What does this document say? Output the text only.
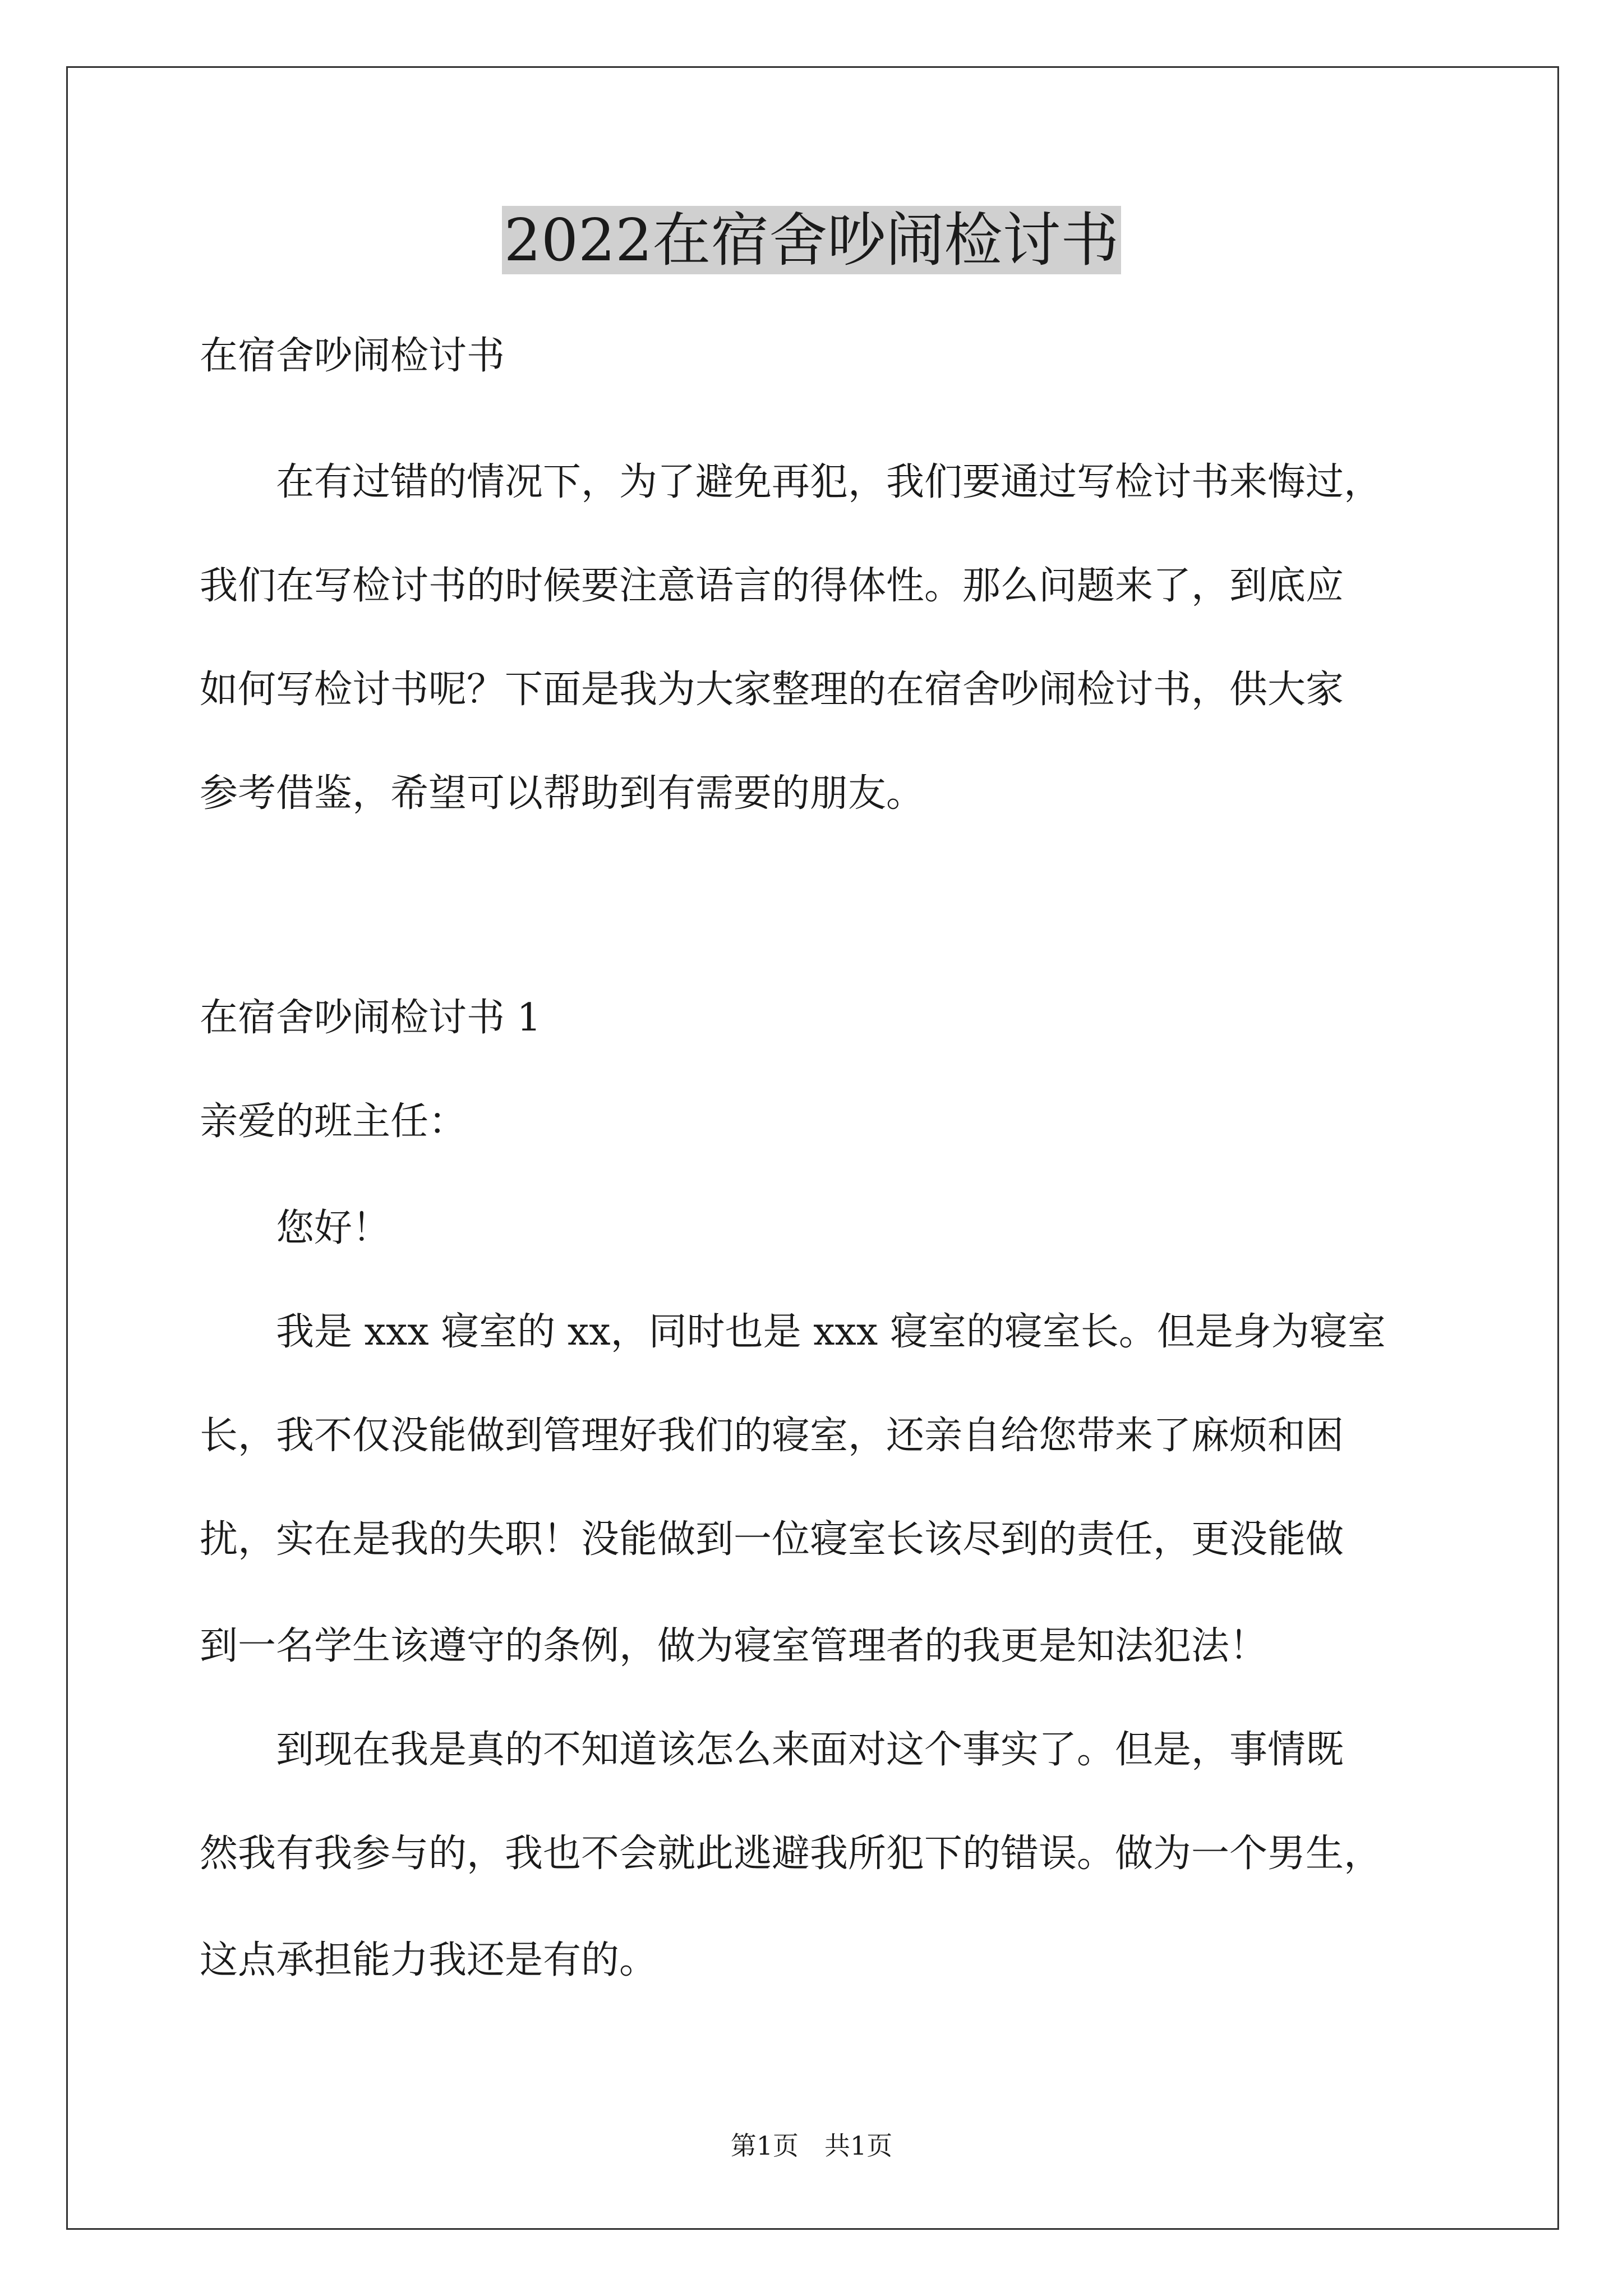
2022在宿舍吵闹检讨书

在宿舍吵闹检讨书

　　在有过错的情况下，为了避免再犯，我们要通过写检讨书来悔过，

我们在写检讨书的时候要注意语言的得体性。那么问题来了，到底应

如何写检讨书呢？下面是我为大家整理的在宿舍吵闹检讨书，供大家

参考借鉴，希望可以帮助到有需要的朋友。

在宿舍吵闹检讨书 1

亲爱的班主任：

　　您好！

　　我是 xxx 寝室的 xx，同时也是 xxx 寝室的寝室长。但是身为寝室

长，我不仅没能做到管理好我们的寝室，还亲自给您带来了麻烦和困

扰，实在是我的失职！没能做到一位寝室长该尽到的责任，更没能做

到一名学生该遵守的条例，做为寝室管理者的我更是知法犯法！

　　到现在我是真的不知道该怎么来面对这个事实了。但是，事情既

然我有我参与的，我也不会就此逃避我所犯下的错误。做为一个男生，

这点承担能力我还是有的。

第1页　共1页
